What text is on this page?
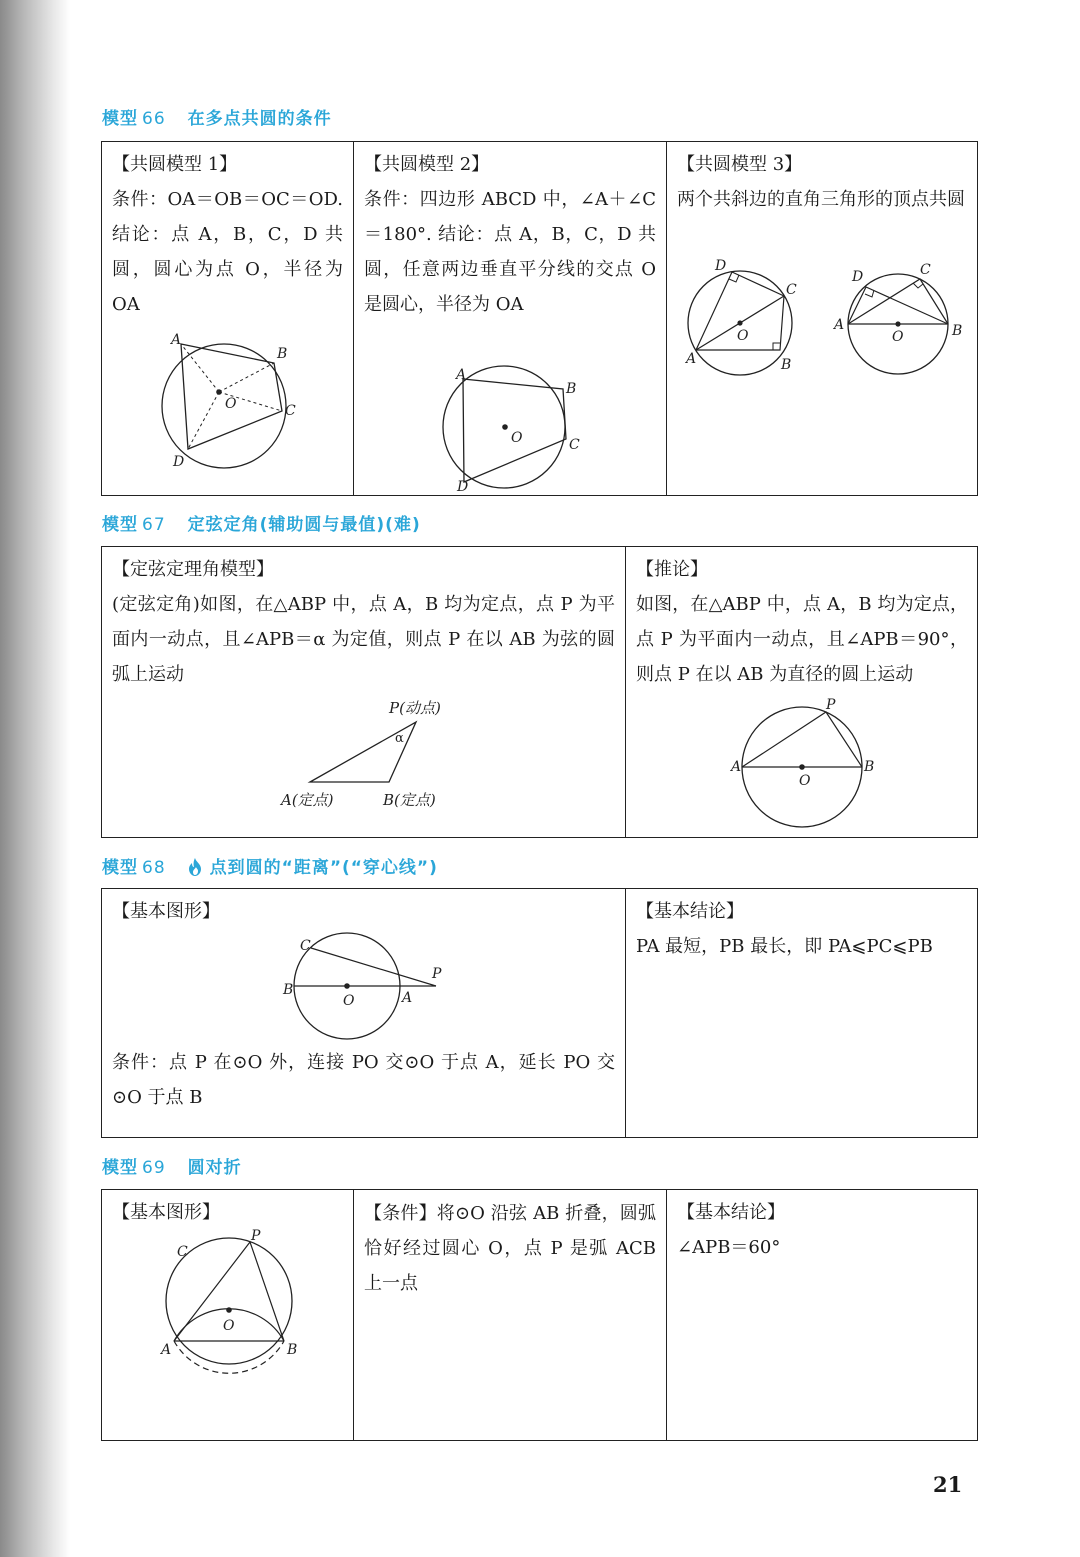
模型 66 在多点共圆的条件
【共圆模型 1】
条件：OA＝OB＝OC＝OD. 结论：点 A，B，C，D 共圆，圆心为点 O，半径为 OA
A
B
C
D
O
【共圆模型 2】
条件：四边形 ABCD 中，∠A＋∠C＝180°. 结论：点 A，B，C，D 共圆，任意两边垂直平分线的交点 O 是圆心，半径为 OA
A
B
C
D
O
【共圆模型 3】
两个共斜边的直角三角形的顶点共圆
A	B
C
D
O
A	B
C
D
O
模型 67 定弦定角(辅助圆与最值)(难)
【定弦定理角模型】
(定弦定角)如图，在△ABP 中，点 A，B 均为定点，点 P 为平面内一动点，且∠APB＝α 为定值，则点 P 在以 AB 为弦的圆弧上运动
P(动点)
α
A(定点)	B(定点)
【推论】
如图，在△ABP 中，点 A，B 均为定点，点 P 为平面内一动点，且∠APB＝90°，则点 P 在以 AB 为直径的圆上运动
A	B
P
O
模型 68	点到圆的“距离”(“穿心线”)
【基本图形】
B
C
A
P
O
条件：点 P 在⊙O 外，连接 PO 交⊙O 于点 A，延长 PO 交⊙O 于点 B
【基本结论】
PA 最短，PB 最长，即 PA⩽PC⩽PB
模型 69 圆对折
【基本图形】
A	B
C
P
O
【条件】将⊙O 沿弦 AB 折叠，圆弧恰好经过圆心 O，点 P 是弧 ACB 上一点
【基本结论】
∠APB＝60°
21
